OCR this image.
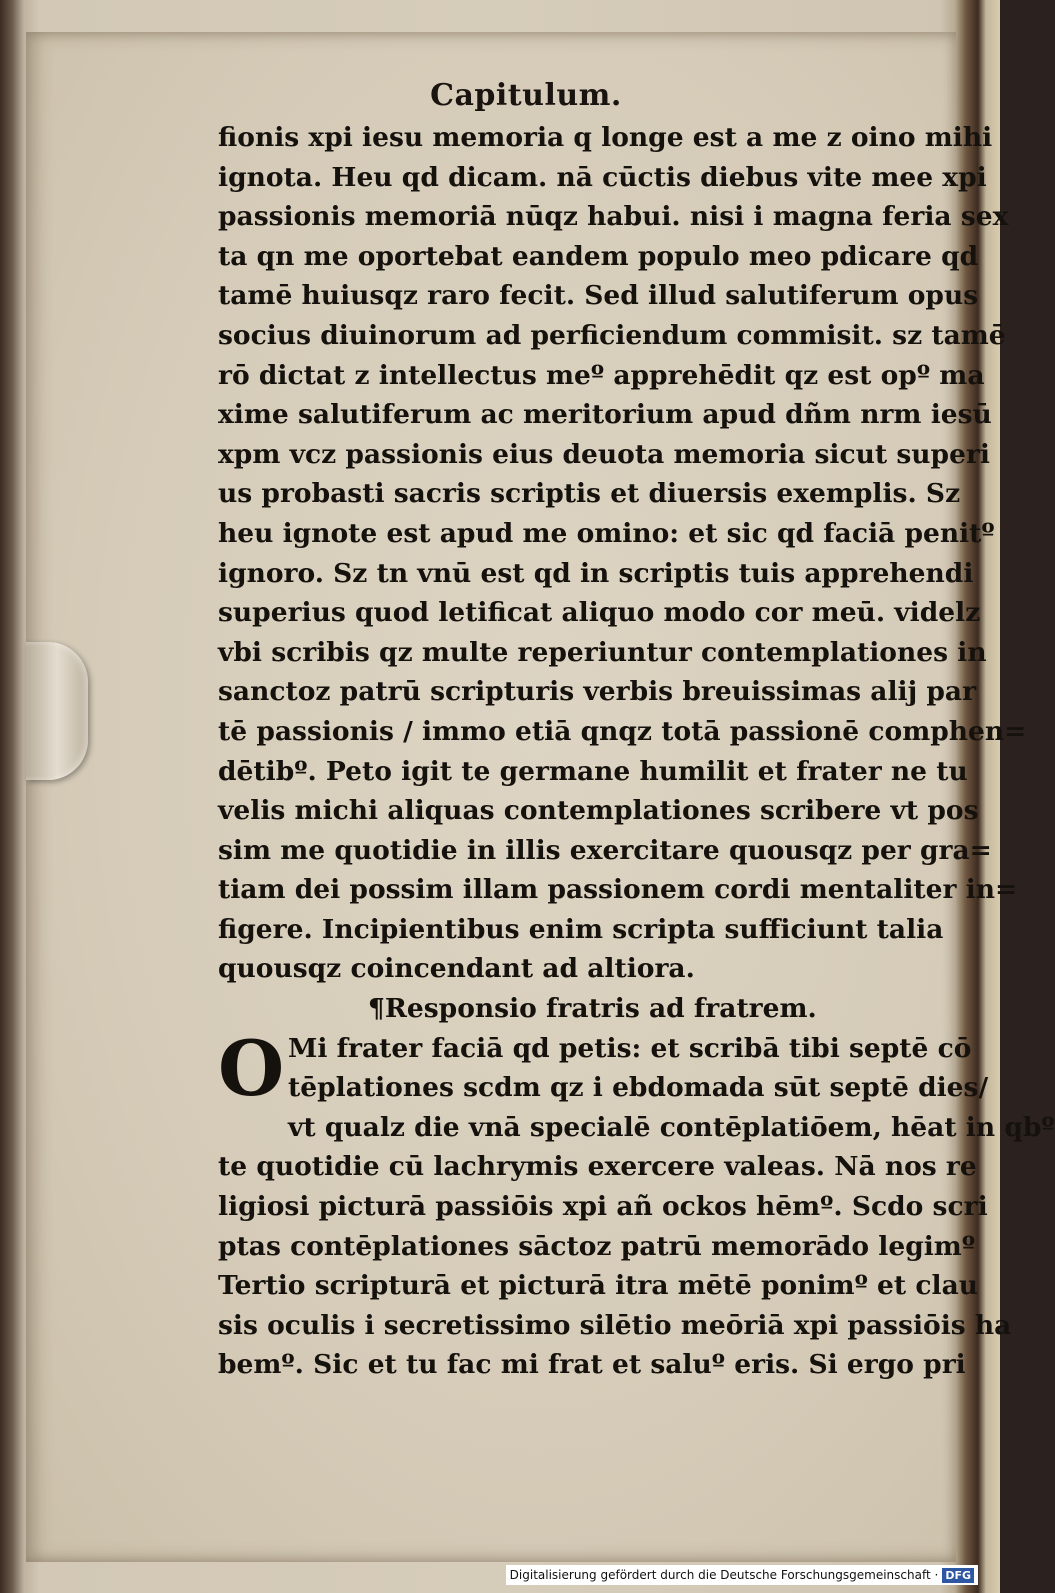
Capitulum.
fionis xpi iesu memoria q longe est a me z oino mihi
ignota. Heu qd dicam. nā cūctis diebus vite mee xpi
passionis memoriā nūqz habui. nisi i magna feria sex
ta qn me oportebat eandem populo meo pdicare qd
tamē huiusqz raro fecit. Sed illud salutiferum opus
socius diuinorum ad perficiendum commisit. sz tamē
rō dictat z intellectus meº apprehēdit qz est opº ma
xime salutiferum ac meritorium apud dñm nrm iesū
xpm vcz passionis eius deuota memoria sicut superi
us probasti sacris scriptis et diuersis exemplis. Sz
heu ignote est apud me omino: et sic qd faciā penitº
ignoro. Sz tn vnū est qd in scriptis tuis apprehendi
superius quod letificat aliquo modo cor meū. videlz
vbi scribis qz multe reperiuntur contemplationes in
sanctoz patrū scripturis verbis breuissimas alij par
tē passionis / immo etiā qnqz totā passionē comphen=
dētibº. Peto igit te germane humilit et frater ne tu
velis michi aliquas contemplationes scribere vt pos
sim me quotidie in illis exercitare quousqz per gra=
tiam dei possim illam passionem cordi mentaliter in=
figere. Incipientibus enim scripta sufficiunt talia
quousqz coincendant ad altiora.
¶Responsio fratris ad fratrem.
O Mi frater faciā qd petis: et scribā tibi septē cō
tēplationes scdm qz i ebdomada sūt septē dies/
vt qualz die vnā specialē contēplatiōem, hēat in qbº
te quotidie cū lachrymis exercere valeas. Nā nos re
ligiosi picturā passiōis xpi añ ockos hēmº. Scdo scri
ptas contēplationes sāctoz patrū memorādo legimº
Tertio scripturā et picturā itra mētē ponimº et clau
sis oculis i secretissimo silētio meōriā xpi passiōis ha
bemº. Sic et tu fac mi frat et saluº eris. Si ergo pri
Digitalisierung gefördert durch die Deutsche Forschungsgemeinschaft · DFG
